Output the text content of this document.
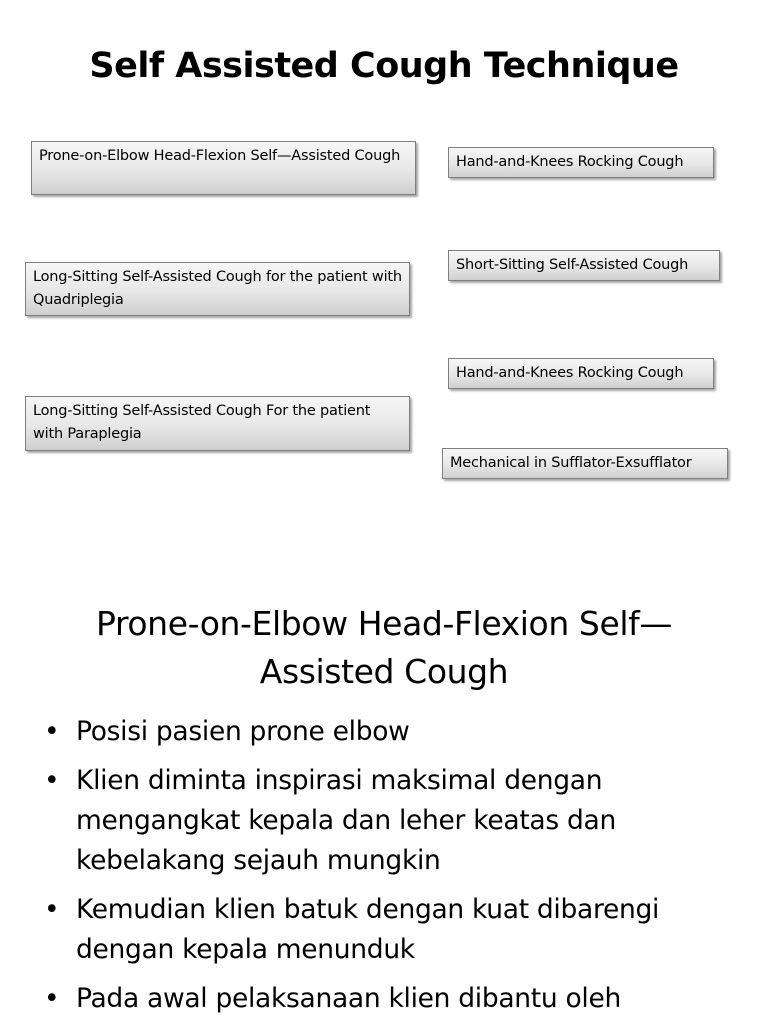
Self Assisted Cough Technique
Prone-on-Elbow Head-Flexion Self—Assisted Cough	Hand-and-Knees Rocking Cough
Long-Sitting Self-Assisted Cough for the patient with Quadriplegia
Short-Sitting Self-Assisted Cough
Hand-and-Knees Rocking Cough
Long-Sitting Self-Assisted Cough For the patient with Paraplegia
Mechanical in Sufflator-Exsufflator
Prone-on-Elbow Head-Flexion Self—
Assisted Cough
• Posisi pasien prone elbow
• Klien diminta inspirasi maksimal dengan mengangkat kepala dan leher keatas dan kebelakang sejauh mungkin
• Kemudian klien batuk dengan kuat dibarengi dengan kepala menunduk
• Pada awal pelaksanaan klien dibantu oleh
